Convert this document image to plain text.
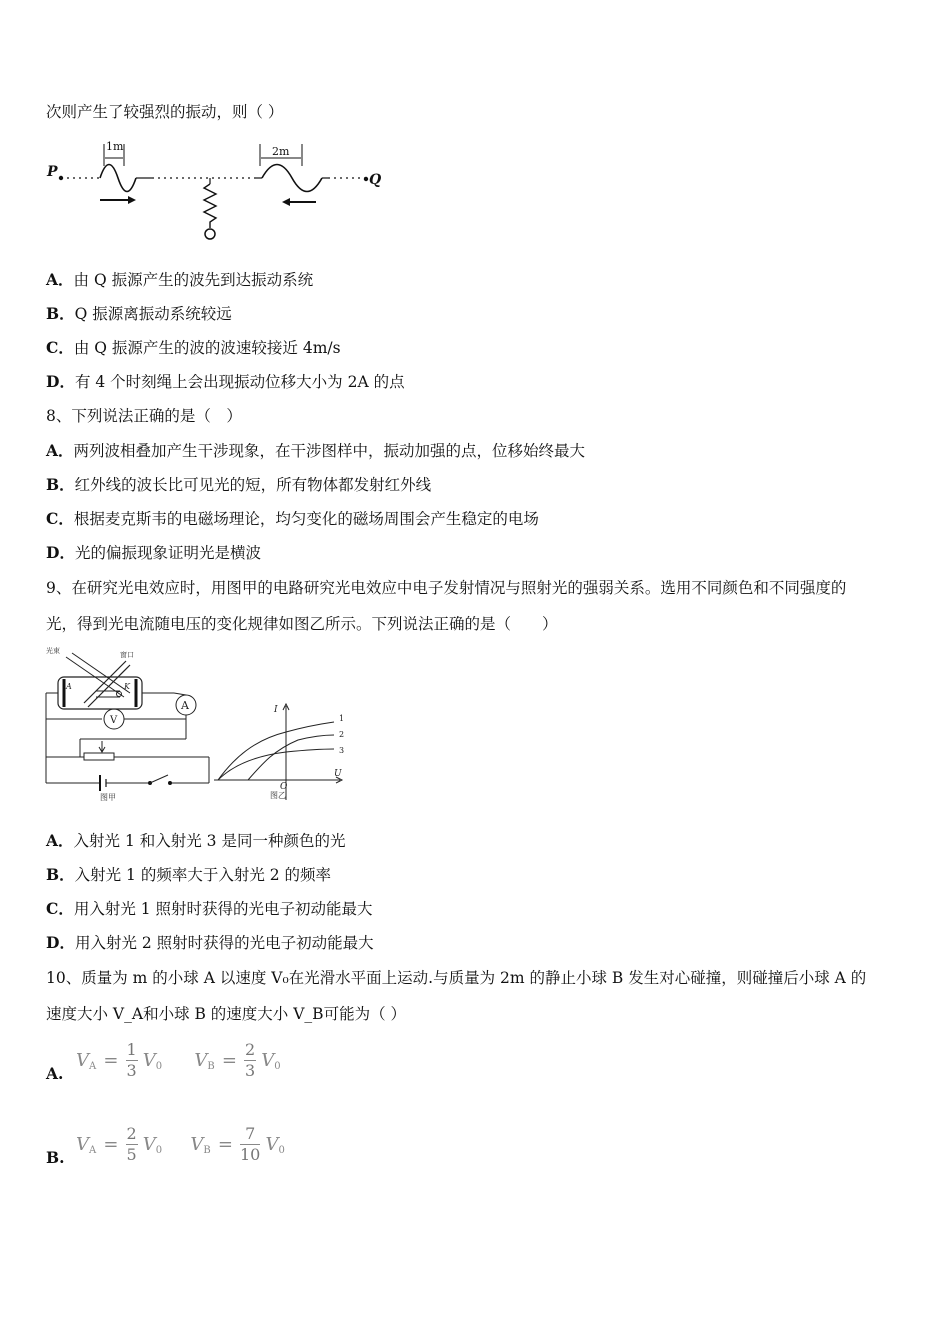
次则产生了较强烈的振动，则（ ）
P
1m
Q
2m
A．由 Q 振源产生的波先到达振动系统
B．Q 振源离振动系统较远
C．由 Q 振源产生的波的波速较接近 4m/s
D．有 4 个时刻绳上会出现振动位移大小为 2A 的点
8、下列说法正确的是（　）
A．两列波相叠加产生干涉现象，在干涉图样中，振动加强的点，位移始终最大
B．红外线的波长比可见光的短，所有物体都发射红外线
C．根据麦克斯韦的电磁场理论，均匀变化的磁场周围会产生稳定的电场
D．光的偏振现象证明光是横波
9、在研究光电效应时，用图甲的电路研究光电效应中电子发射情况与照射光的强弱关系。选用不同颜色和不同强度的
光，得到光电流随电压的变化规律如图乙所示。下列说法正确的是（　　）
光束	窗口
A	K
A
V
图甲
I
U
O
1
2
3
图乙
A．入射光 1 和入射光 3 是同一种颜色的光
B．入射光 1 的频率大于入射光 2 的频率
C．用入射光 1 照射时获得的光电子初动能最大
D．用入射光 2 照射时获得的光电子初动能最大
10、质量为 m 的小球 A 以速度 V₀在光滑水平面上运动.与质量为 2m 的静止小球 B 发生对心碰撞，则碰撞后小球 A 的
速度大小 V_A和小球 B 的速度大小 V_B可能为（ ）
A.
$V_A = \frac{1}{3} V_0$ $V_B = \frac{2}{3} V_0$
B.
$V_A = \frac{2}{5} V_0$ $V_B = \frac{7}{10} V_0$
